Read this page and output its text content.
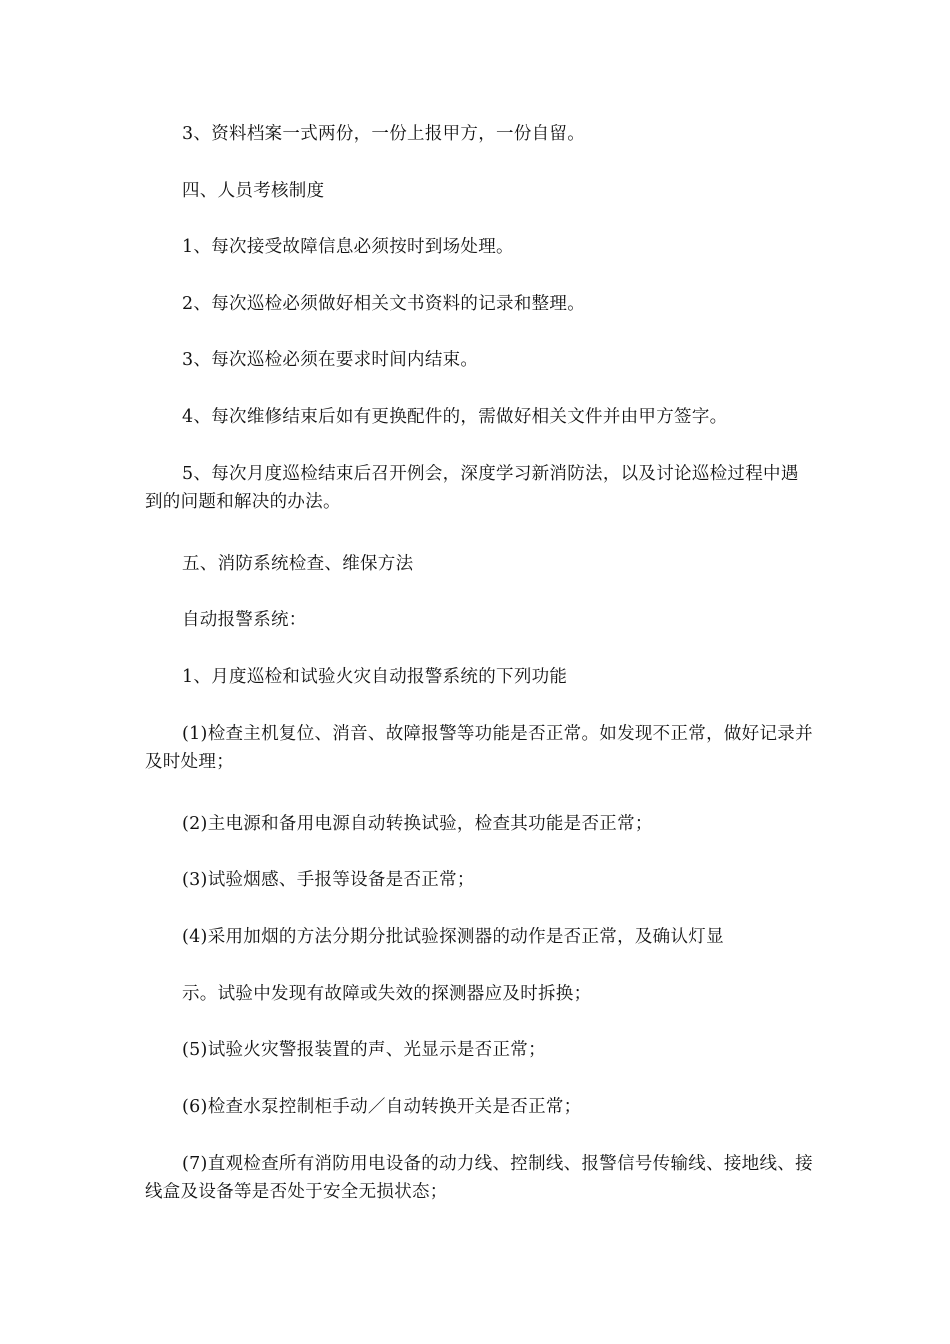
3、资料档案一式两份，一份上报甲方，一份自留。

四、人员考核制度

1、每次接受故障信息必须按时到场处理。

2、每次巡检必须做好相关文书资料的记录和整理。

3、每次巡检必须在要求时间内结束。

4、每次维修结束后如有更换配件的，需做好相关文件并由甲方签字。

5、每次月度巡检结束后召开例会，深度学习新消防法，以及讨论巡检过程中遇到的问题和解决的办法。

五、消防系统检查、维保方法

自动报警系统：

1、月度巡检和试验火灾自动报警系统的下列功能

(1)检查主机复位、消音、故障报警等功能是否正常。如发现不正常，做好记录并及时处理；

(2)主电源和备用电源自动转换试验，检查其功能是否正常；

(3)试验烟感、手报等设备是否正常；

(4)采用加烟的方法分期分批试验探测器的动作是否正常，及确认灯显

示。试验中发现有故障或失效的探测器应及时拆换；

(5)试验火灾警报装置的声、光显示是否正常；

(6)检查水泵控制柜手动／自动转换开关是否正常；

(7)直观检查所有消防用电设备的动力线、控制线、报警信号传输线、接地线、接线盒及设备等是否处于安全无损状态；
